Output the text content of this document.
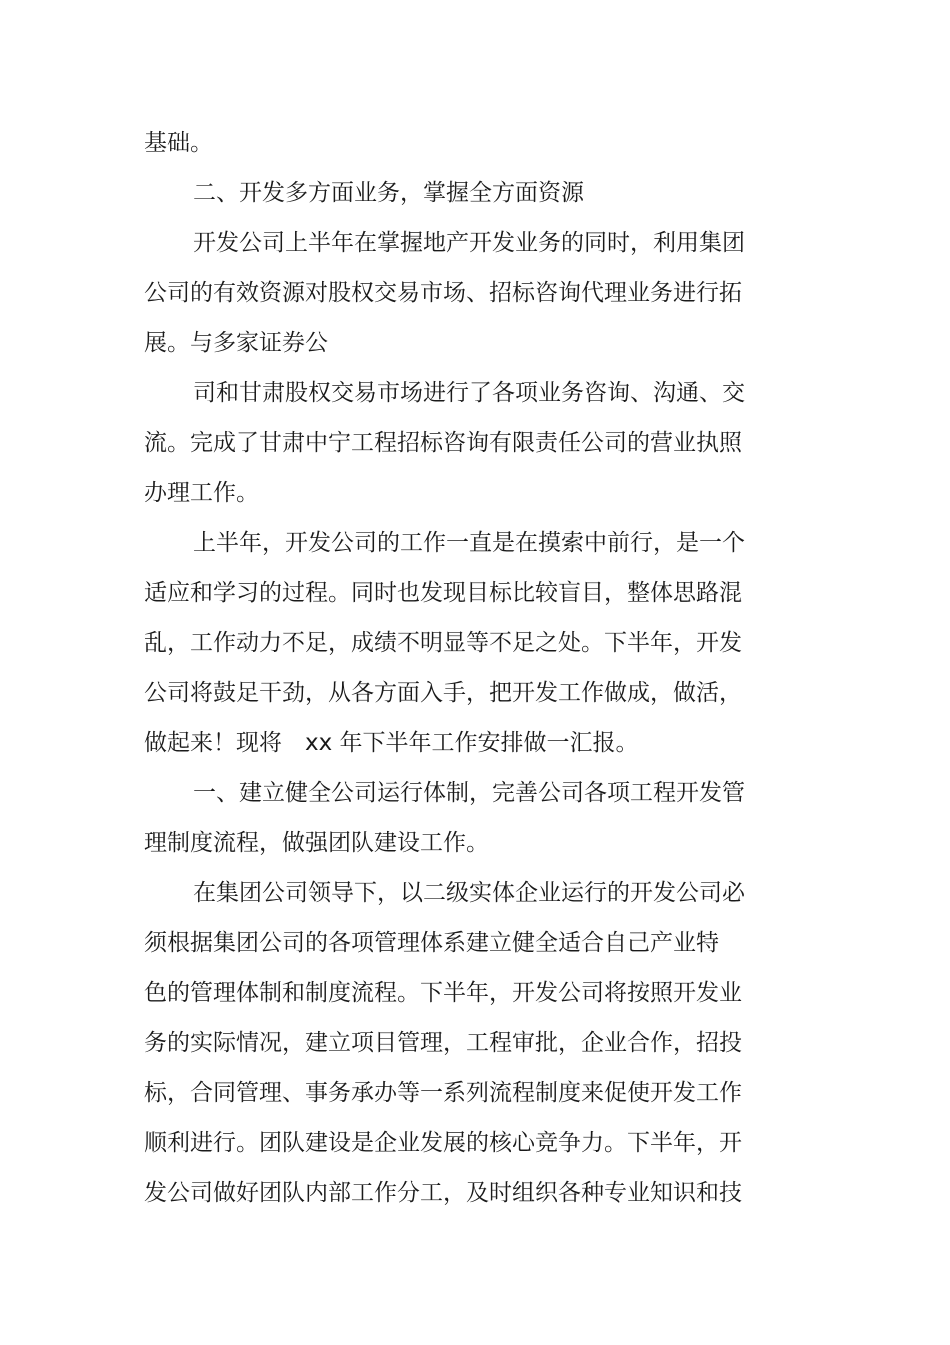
基础。

二、开发多方面业务，掌握全方面资源

开发公司上半年在掌握地产开发业务的同时，利用集团

公司的有效资源对股权交易市场、招标咨询代理业务进行拓

展。与多家证券公

司和甘肃股权交易市场进行了各项业务咨询、沟通、交

流。完成了甘肃中宁工程招标咨询有限责任公司的营业执照

办理工作。

上半年，开发公司的工作一直是在摸索中前行，是一个

适应和学习的过程。同时也发现目标比较盲目，整体思路混

乱，工作动力不足，成绩不明显等不足之处。下半年，开发

公司将鼓足干劲，从各方面入手，把开发工作做成，做活，

做起来！现将　xx 年下半年工作安排做一汇报。

一、建立健全公司运行体制，完善公司各项工程开发管

理制度流程，做强团队建设工作。

在集团公司领导下，以二级实体企业运行的开发公司必

须根据集团公司的各项管理体系建立健全适合自己产业特

色的管理体制和制度流程。下半年，开发公司将按照开发业

务的实际情况，建立项目管理，工程审批，企业合作，招投

标，合同管理、事务承办等一系列流程制度来促使开发工作

顺利进行。团队建设是企业发展的核心竞争力。下半年，开

发公司做好团队内部工作分工，及时组织各种专业知识和技
